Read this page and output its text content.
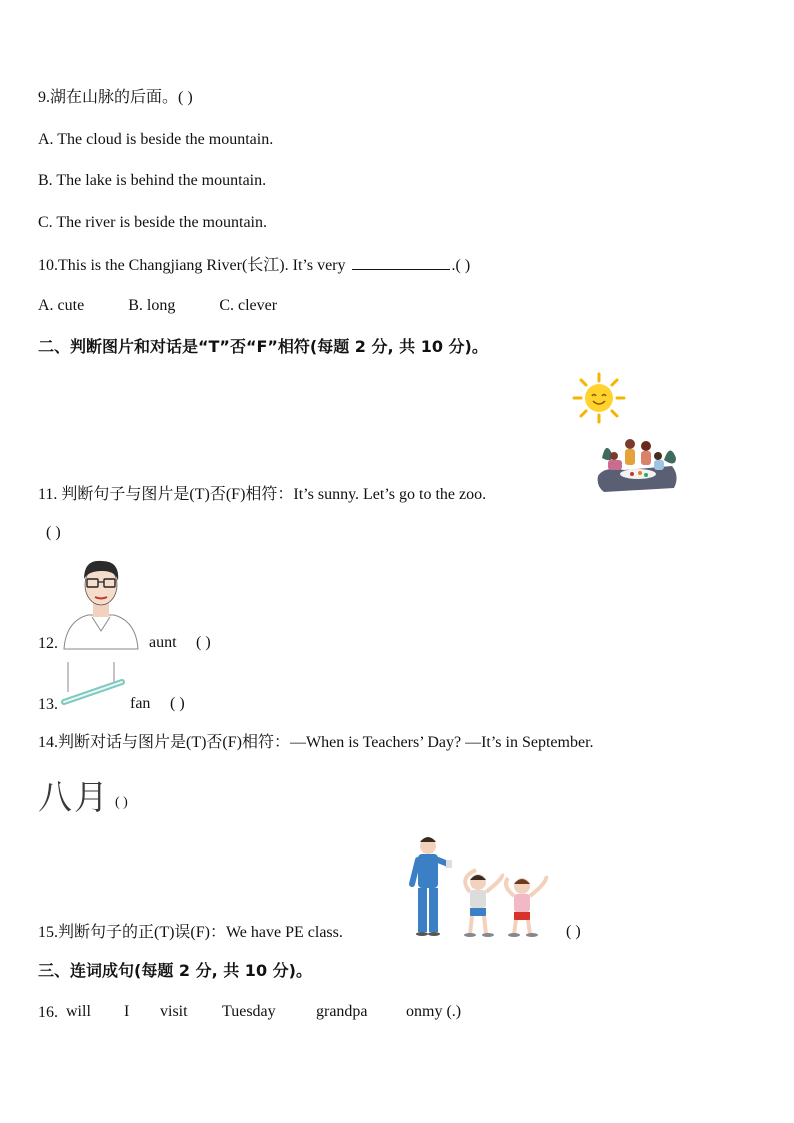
9.湖在山脉的后面。( )
A. The cloud is beside the mountain.
B. The lake is behind the mountain.
C. The river is beside the mountain.
10.This is the Changjiang River(长江). It’s very	.( )
A. cute	B. long	C. clever
二、判断图片和对话是“T”否“F”相符(每题 2 分, 共 10 分)。
11. 判断句子与图片是(T)否(F)相符：It’s sunny. Let’s go to the zoo.
( )
12.	aunt ( )
13.	fan ( )
14.判断对话与图片是(T)否(F)相符：—When is Teachers’ Day? —It’s in September.
八月 ( )
15.判断句子的正(T)误(F)：We have PE class.	( )
三、连词成句(每题 2 分, 共 10 分)。
16. will I visit Tuesday	grandpa onmy (.)
